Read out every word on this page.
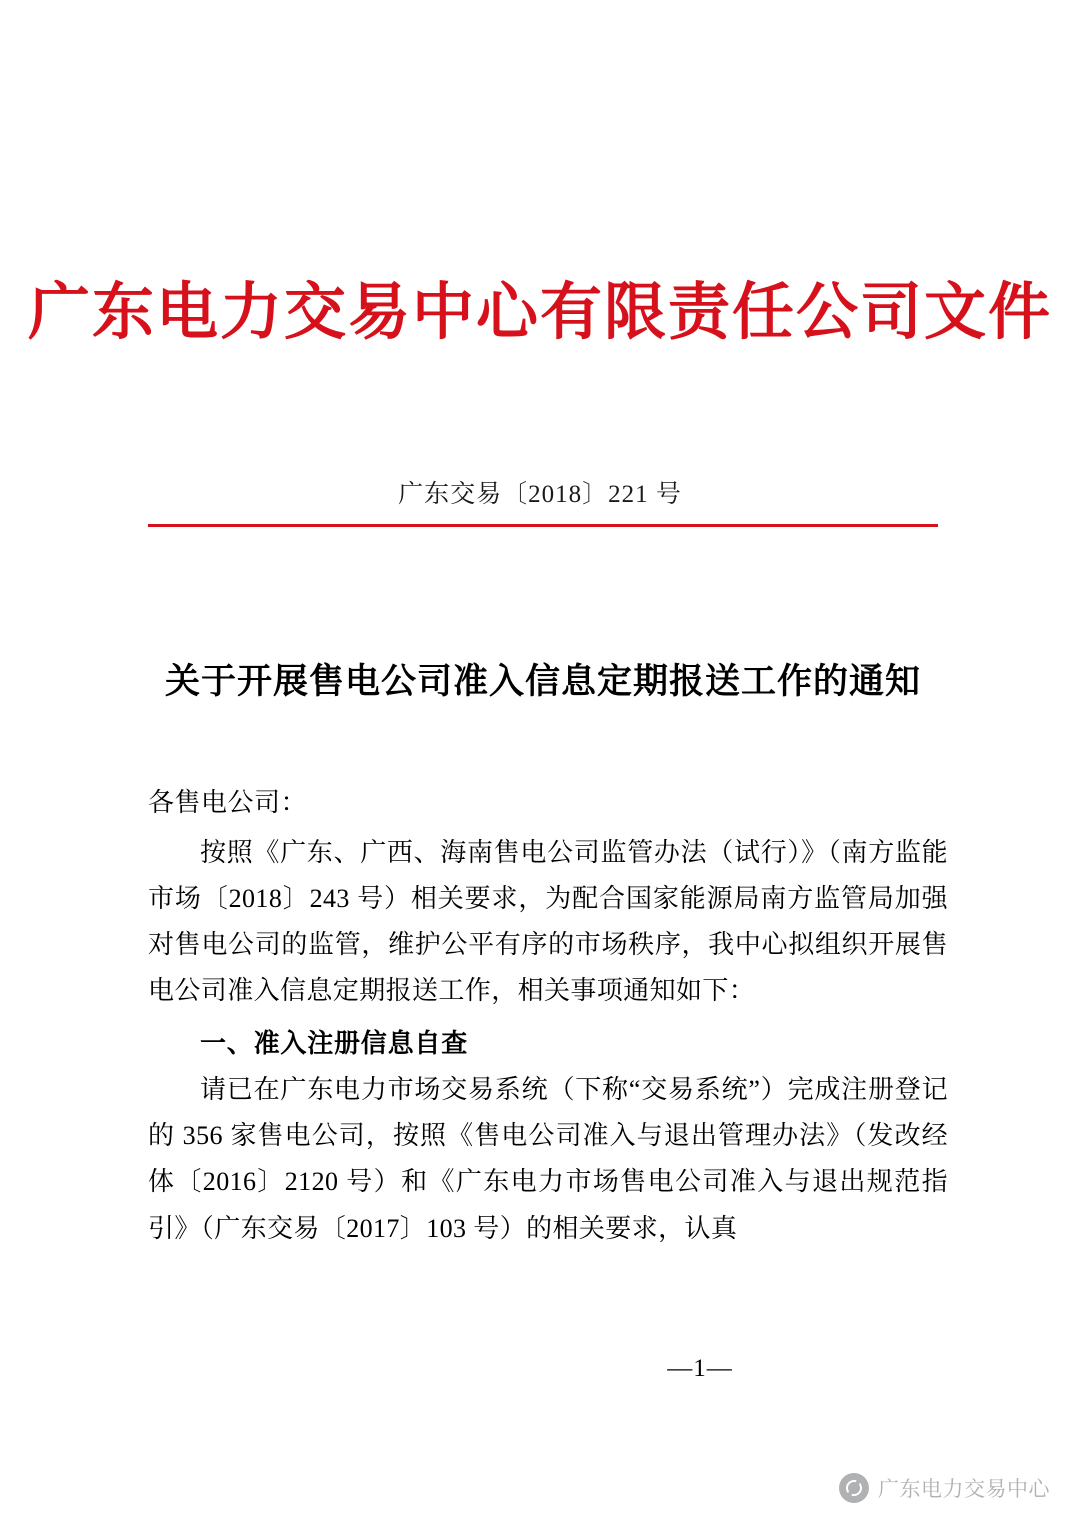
广东电力交易中心有限责任公司文件
广东交易〔2018〕221 号
关于开展售电公司准入信息定期报送工作的通知

各售电公司：

按照《广东、广西、海南售电公司监管办法（试行）》（南方监能市场〔2018〕243 号）相关要求，为配合国家能源局南方监管局加强对售电公司的监管，维护公平有序的市场秩序，我中心拟组织开展售电公司准入信息定期报送工作，相关事项通知如下：

一、准入注册信息自查

请已在广东电力市场交易系统（下称“交易系统”）完成注册登记的 356 家售电公司，按照《售电公司准入与退出管理办法》（发改经体〔2016〕2120 号）和《广东电力市场售电公司准入与退出规范指引》（广东交易〔2017〕103 号）的相关要求，认真

—1—
广东电力交易中心
